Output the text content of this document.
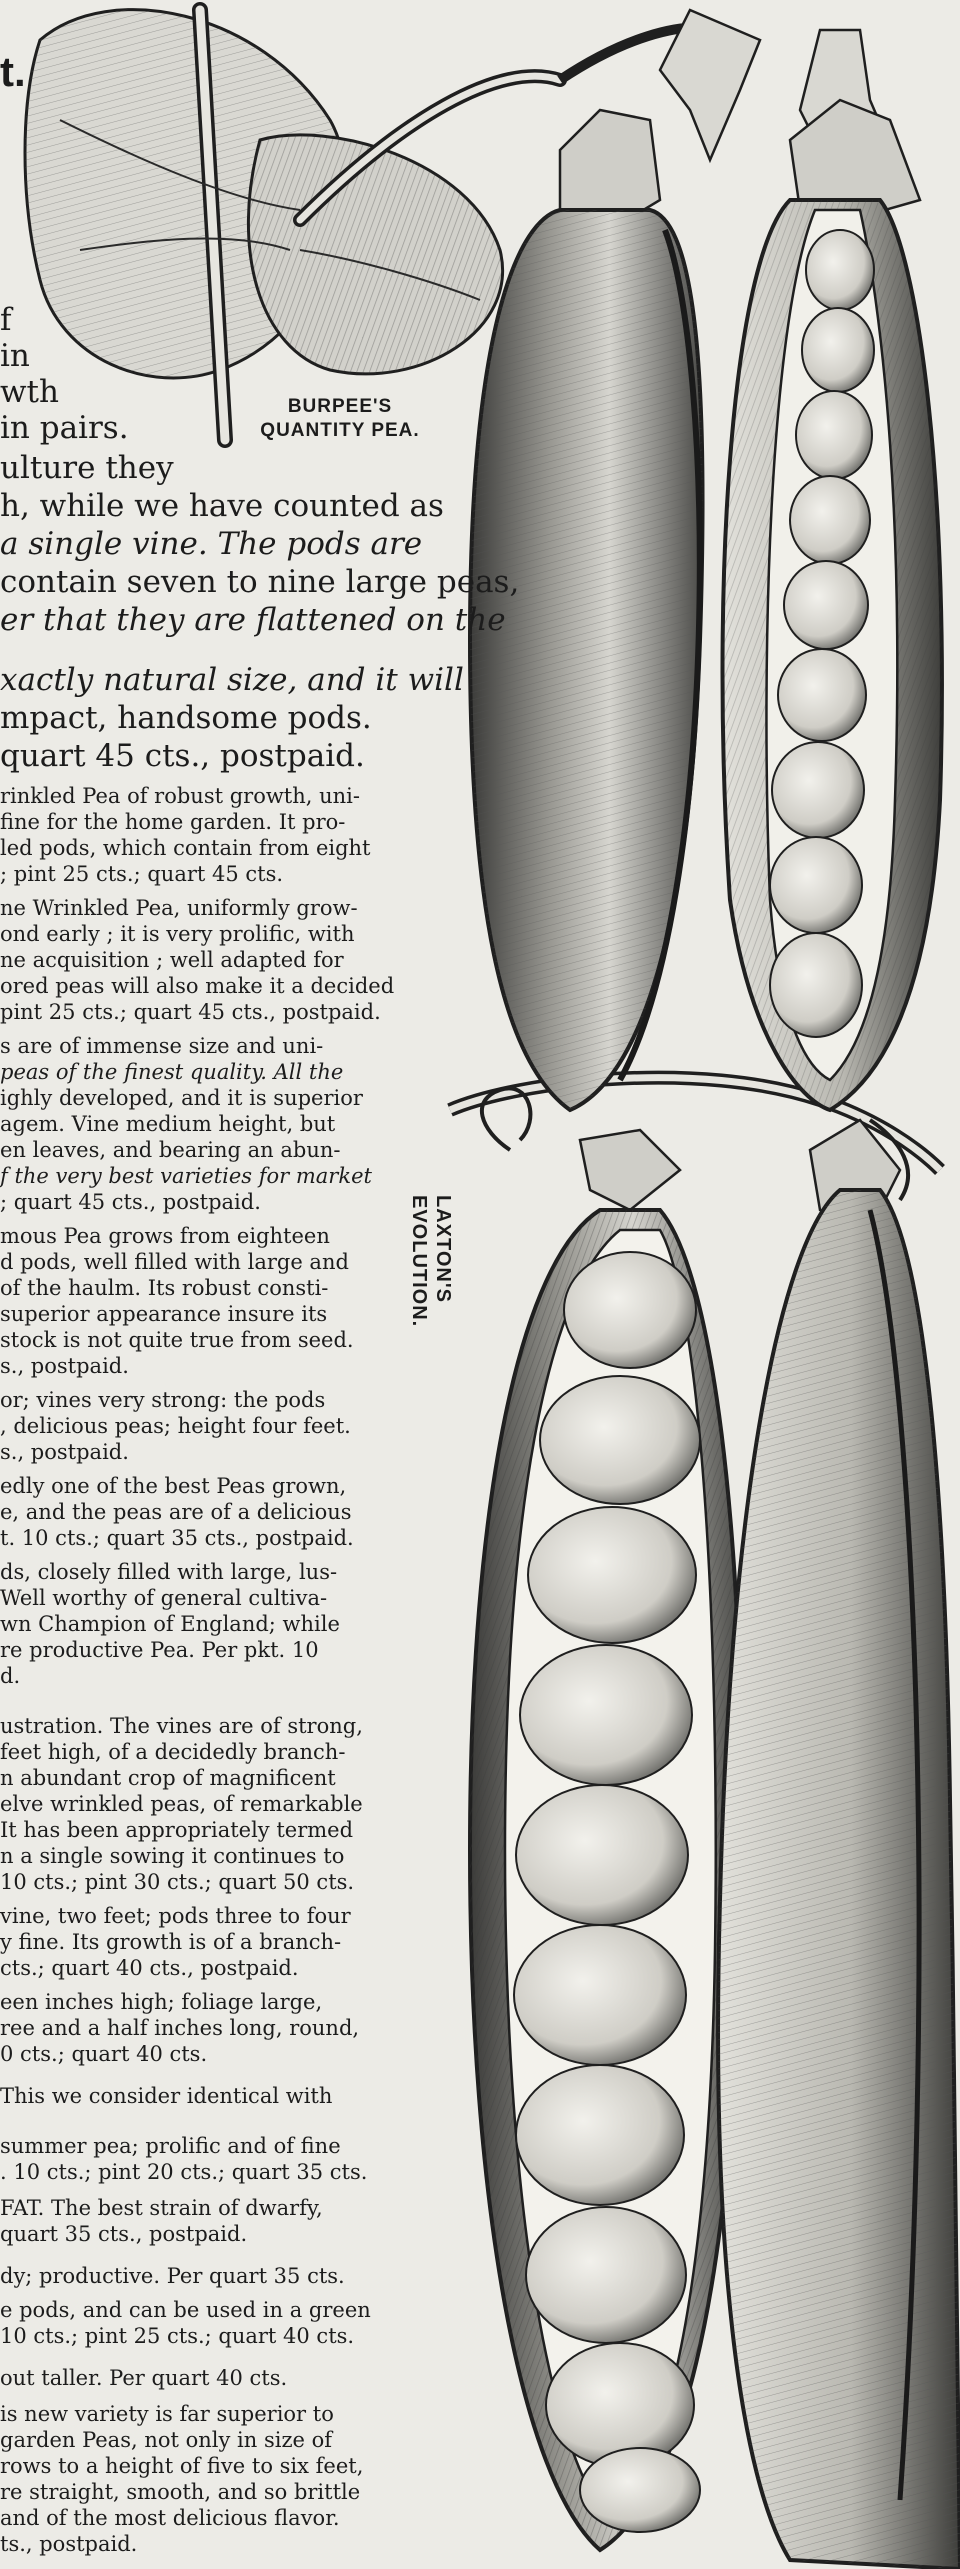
t.
f
in
wth
in pairs.
ulture they
h, while we have counted as
a single vine. The pods are
contain seven to nine large peas,
er that they are flattened on the
xactly natural size, and it will
mpact, handsome pods.
quart 45 cts., postpaid.
BURPEE'S
QUANTITY PEA.
rinkled Pea of robust growth, uni-
fine for the home garden. It pro-
led pods, which contain from eight
; pint 25 cts.; quart 45 cts.
ne Wrinkled Pea, uniformly grow-
ond early ; it is very prolific, with
ne acquisition ; well adapted for
ored peas will also make it a decided
pint 25 cts.; quart 45 cts., postpaid.
s are of immense size and uni-
peas of the finest quality. All the
ighly developed, and it is superior
agem. Vine medium height, but
en leaves, and bearing an abun-
f the very best varieties for market
; quart 45 cts., postpaid.
mous Pea grows from eighteen
d pods, well filled with large and
of the haulm. Its robust consti-
superior appearance insure its
stock is not quite true from seed.
s., postpaid.
or; vines very strong: the pods
, delicious peas; height four feet.
s., postpaid.
edly one of the best Peas grown,
e, and the peas are of a delicious
t. 10 cts.; quart 35 cts., postpaid.
ds, closely filled with large, lus-
Well worthy of general cultiva-
wn Champion of England; while
re productive Pea. Per pkt. 10
d.
ustration. The vines are of strong,
feet high, of a decidedly branch-
n abundant crop of magnificent
elve wrinkled peas, of remarkable
It has been appropriately termed
n a single sowing it continues to
10 cts.; pint 30 cts.; quart 50 cts.
vine, two feet; pods three to four
y fine. Its growth is of a branch-
cts.; quart 40 cts., postpaid.
een inches high; foliage large,
ree and a half inches long, round,
0 cts.; quart 40 cts.
This we consider identical with
summer pea; prolific and of fine
. 10 cts.; pint 20 cts.; quart 35 cts.
FAT. The best strain of dwarfy,
quart 35 cts., postpaid.
dy; productive. Per quart 35 cts.
e pods, and can be used in a green
10 cts.; pint 25 cts.; quart 40 cts.
out taller. Per quart 40 cts.
is new variety is far superior to
garden Peas, not only in size of
rows to a height of five to six feet,
re straight, smooth, and so brittle
and of the most delicious flavor.
ts., postpaid.
LAXTON'S
EVOLUTION.
